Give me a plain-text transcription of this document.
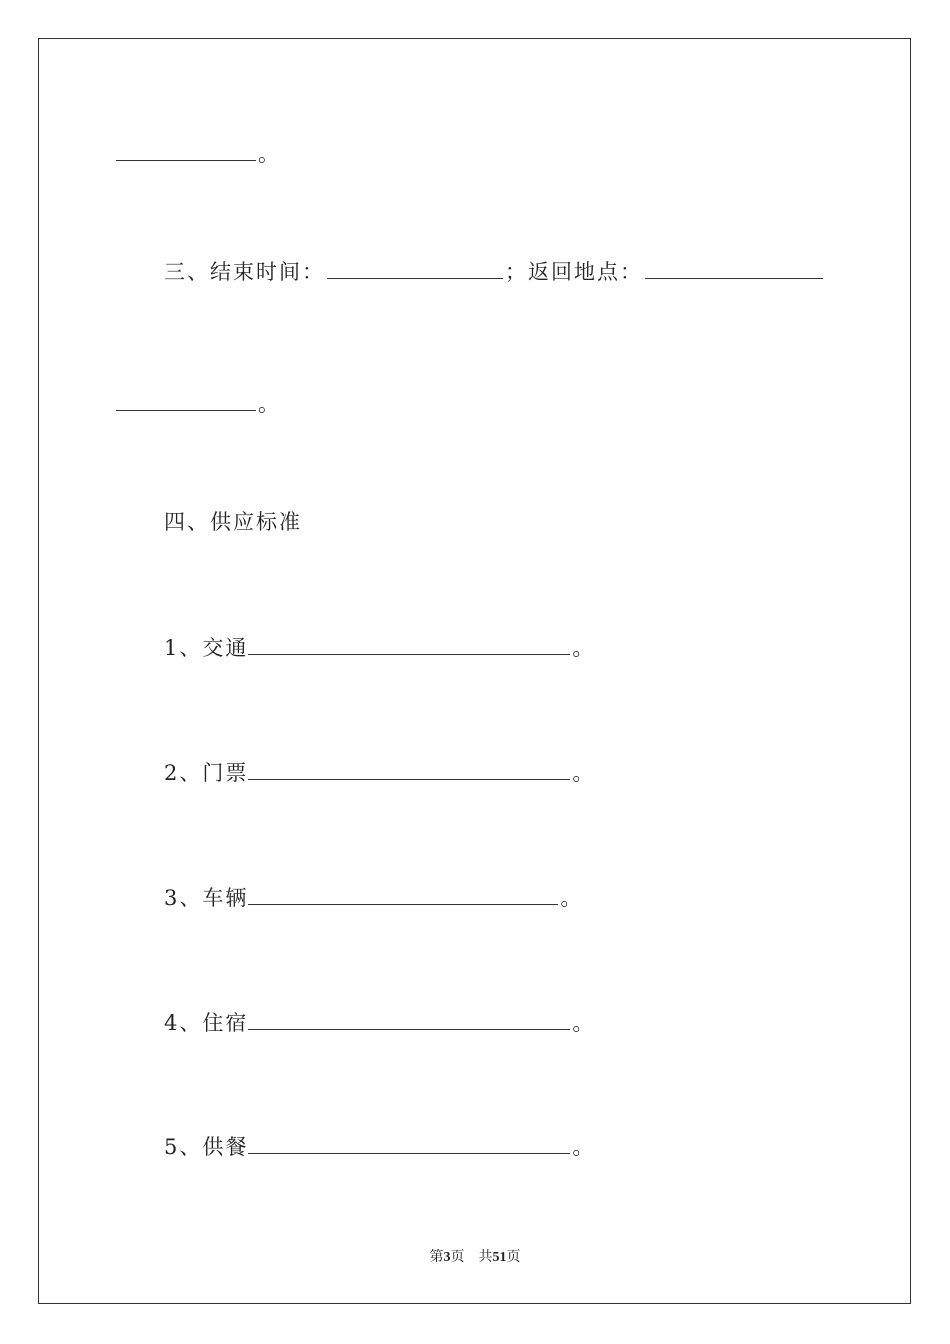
。
三、结束时间：	；返回地点：
。
四、供应标准
1、交通	。
2、门票	。
3、车辆	。
4、住宿	。
5、供餐	。
第3页 共51页
